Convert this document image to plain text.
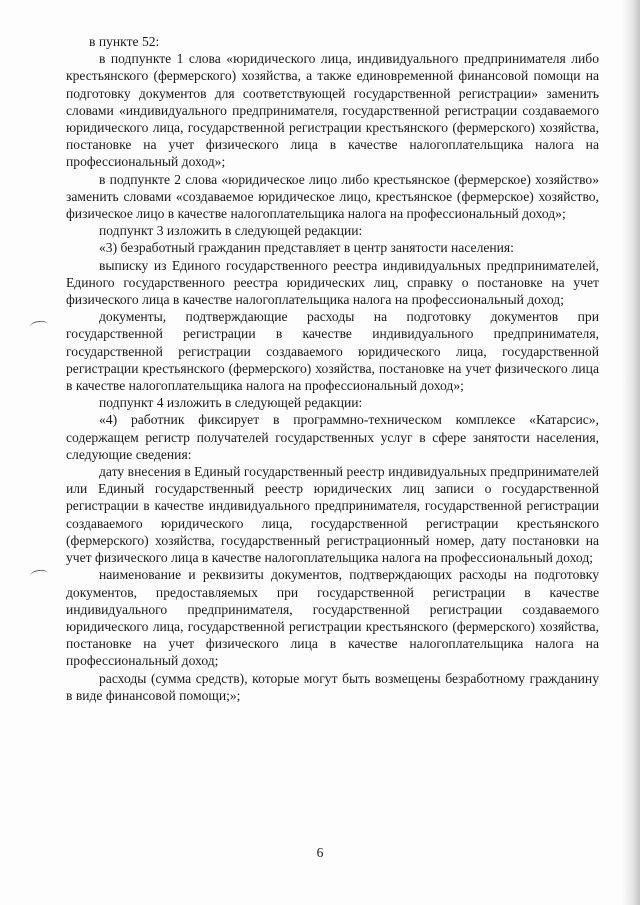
в пункте 52:

в подпункте 1 слова «юридического лица, индивидуального предпринимателя либо крестьянского (фермерского) хозяйства, а также единовременной финансовой помощи на подготовку документов для соответствующей государственной регистрации» заменить словами «индивидуального предпринимателя, государственной регистрации создаваемого юридического лица, государственной регистрации крестьянского (фермерского) хозяйства, постановке на учет физического лица в качестве налогоплательщика налога на профессиональный доход»;

в подпункте 2 слова «юридическое лицо либо крестьянское (фермерское) хозяйство» заменить словами «создаваемое юридическое лицо, крестьянское (фермерское) хозяйство, физическое лицо в качестве налогоплательщика налога на профессиональный доход»;

подпункт 3 изложить в следующей редакции:

«3) безработный гражданин представляет в центр занятости населения:

выписку из Единого государственного реестра индивидуальных предпринимателей, Единого государственного реестра юридических лиц, справку о постановке на учет физического лица в качестве налогоплательщика налога на профессиональный доход;

документы, подтверждающие расходы на подготовку документов при государственной регистрации в качестве индивидуального предпринимателя, государственной регистрации создаваемого юридического лица, государственной регистрации крестьянского (фермерского) хозяйства, постановке на учет физического лица в качестве налогоплательщика налога на профессиональный доход»;

подпункт 4 изложить в следующей редакции:

«4) работник фиксирует в программно-техническом комплексе «Катарсис», содержащем регистр получателей государственных услуг в сфере занятости населения, следующие сведения:

дату внесения в Единый государственный реестр индивидуальных предпринимателей или Единый государственный реестр юридических лиц записи о государственной регистрации в качестве индивидуального предпринимателя, государственной регистрации создаваемого юридического лица, государственной регистрации крестьянского (фермерского) хозяйства, государственный регистрационный номер, дату постановки на учет физического лица в качестве налогоплательщика налога на профессиональный доход;

наименование и реквизиты документов, подтверждающих расходы на подготовку документов, предоставляемых при государственной регистрации в качестве индивидуального предпринимателя, государственной регистрации создаваемого юридического лица, государственной регистрации крестьянского (фермерского) хозяйства, постановке на учет физического лица в качестве налогоплательщика налога на профессиональный доход;

расходы (сумма средств), которые могут быть возмещены безработному гражданину в виде финансовой помощи;»;

6
